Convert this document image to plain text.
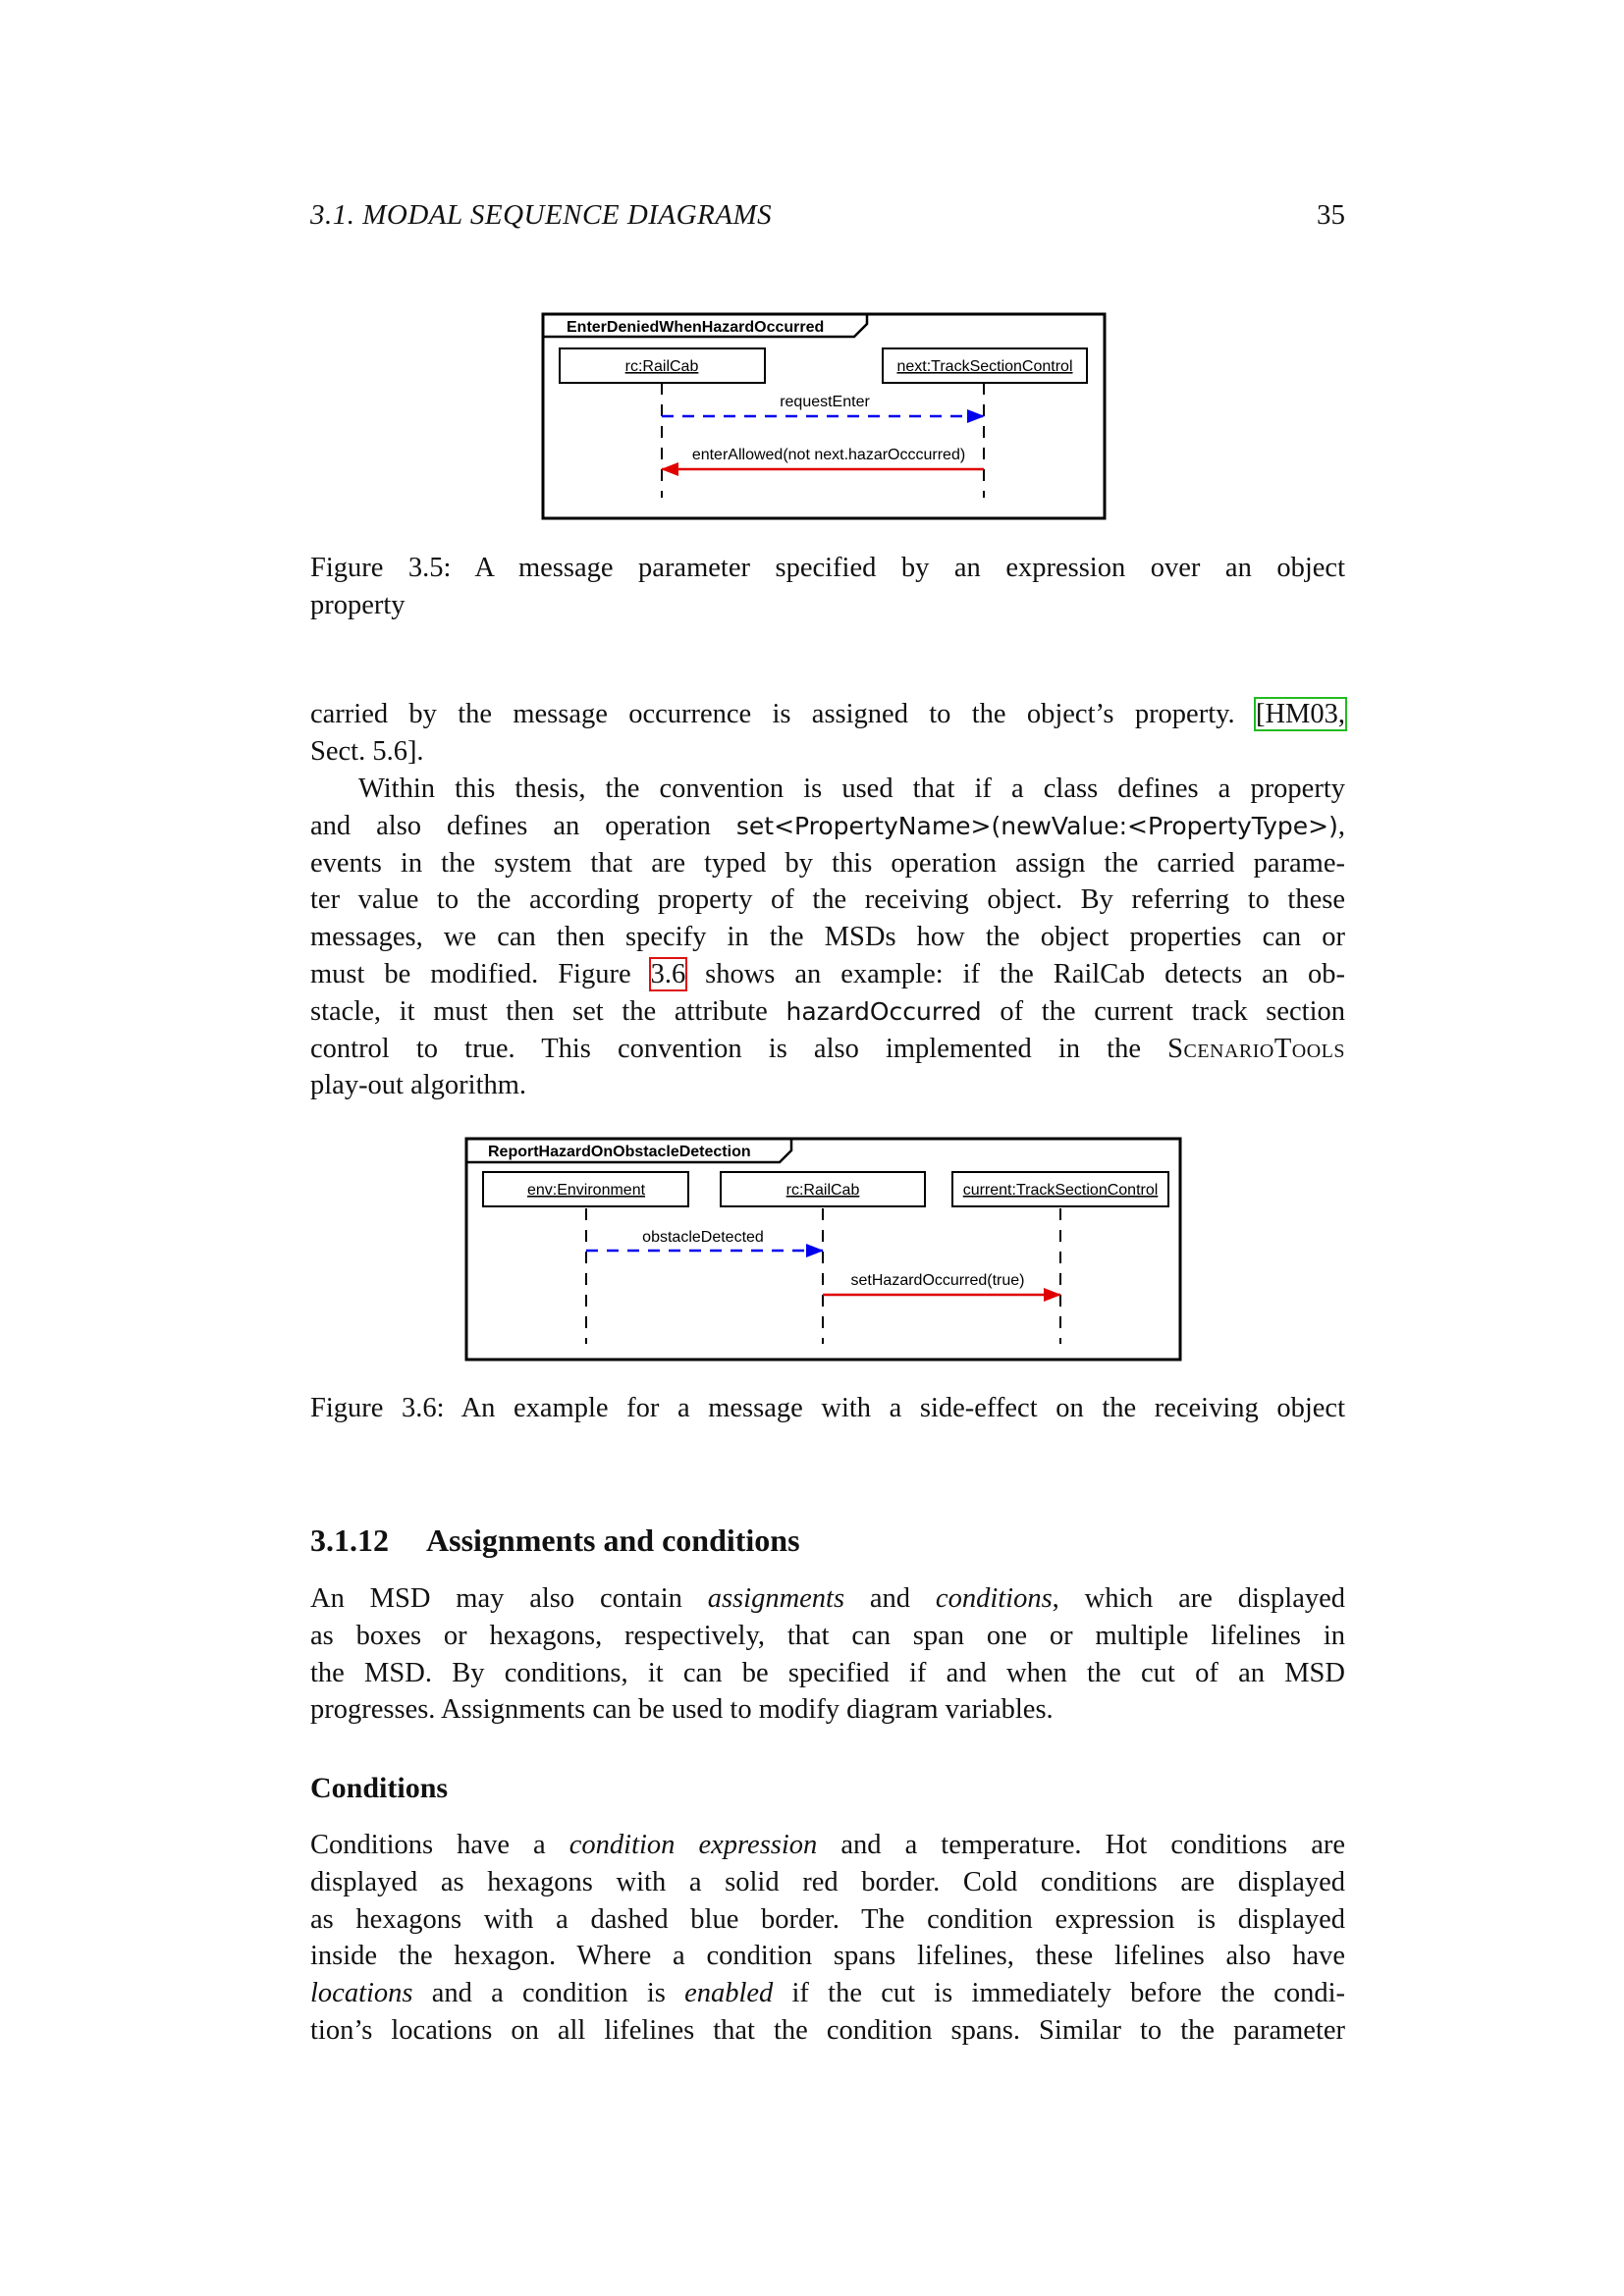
3.1. MODAL SEQUENCE DIAGRAMS	35
EnterDeniedWhenHazardOccurred
rc:RailCab	next:TrackSectionControl
requestEnter
enterAllowed(not next.hazarOcccurred)
ReportHazardOnObstacleDetection
env:Environment	rc:RailCab	current:TrackSectionControl
obstacleDetected
setHazardOccurred(true)
Figure 3.5: A message parameter specified by an expression over an object
property
carried by the message occurrence is assigned to the object’s property. [HM03,
Sect. 5.6].
Within this thesis, the convention is used that if a class defines a property
and also defines an operation set<PropertyName>(newValue:<PropertyType>),
events in the system that are typed by this operation assign the carried parame-
ter value to the according property of the receiving object. By referring to these
messages, we can then specify in the MSDs how the object properties can or
must be modified. Figure 3.6 shows an example: if the RailCab detects an ob-
stacle, it must then set the attribute hazardOccurred of the current track section
control to true. This convention is also implemented in the ScenarioTools
play-out algorithm.
Figure 3.6: An example for a message with a side-effect on the receiving object
3.1.12 Assignments and conditions
An MSD may also contain assignments and conditions, which are displayed
as boxes or hexagons, respectively, that can span one or multiple lifelines in
the MSD. By conditions, it can be specified if and when the cut of an MSD
progresses. Assignments can be used to modify diagram variables.
Conditions
Conditions have a condition expression and a temperature. Hot conditions are
displayed as hexagons with a solid red border. Cold conditions are displayed
as hexagons with a dashed blue border. The condition expression is displayed
inside the hexagon. Where a condition spans lifelines, these lifelines also have
locations and a condition is enabled if the cut is immediately before the condi-
tion’s locations on all lifelines that the condition spans. Similar to the parameter
